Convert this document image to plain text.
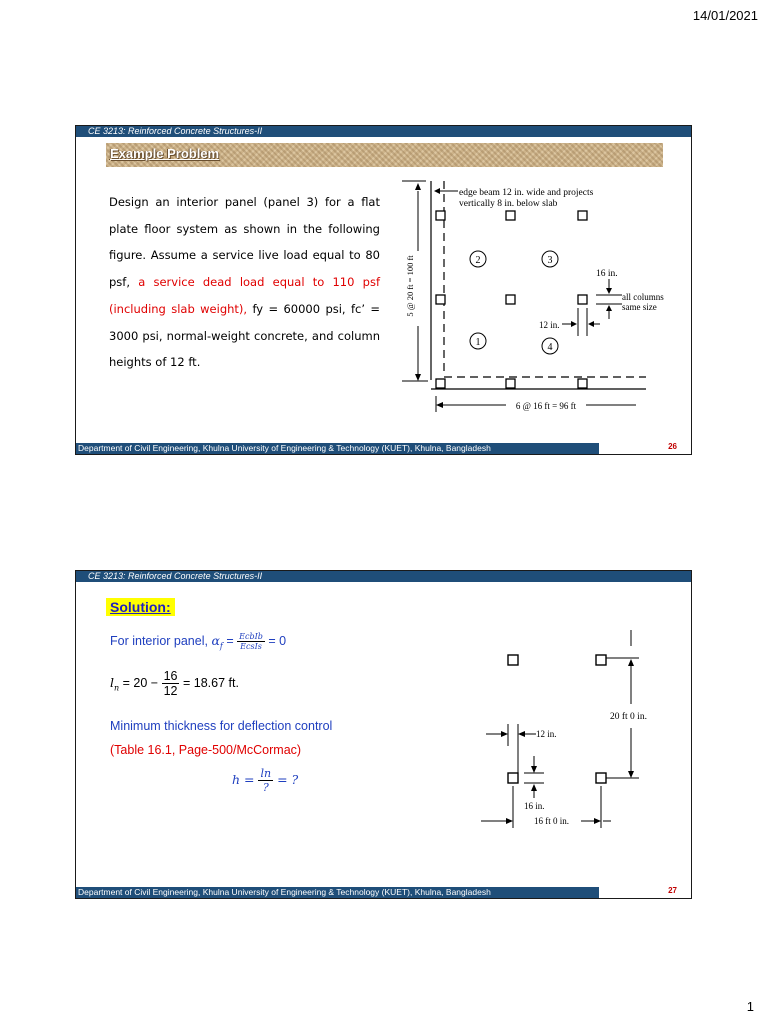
14/01/2021
CE 3213: Reinforced Concrete Structures-II
Example Problem
Design an interior panel (panel 3) for a flat plate floor system as shown in the following figure. Assume a service live load equal to 80 psf, a service dead load equal to 110 psf (including slab weight), fy = 60000 psi, fc’ = 3000 psi, normal-weight concrete, and column heights of 12 ft.
2	3
1	4
edge beam 12 in. wide and projects
vertically 8 in. below slab
16 in.
all columns
same size
12 in.
5 @ 20 ft = 100 ft
6 @ 16 ft = 96 ft
Department of Civil Engineering, Khulna University of Engineering & Technology (KUET), Khulna, Bangladesh	26
CE 3213: Reinforced Concrete Structures-II
Solution:
For interior panel, $\alpha_f = \frac{\text{EcbIb}}{\text{EcsIs}} = 0$
$l_n = 20 - \frac{16}{12} = 18.67$ ft.
Minimum thickness for deflection control
(Table 16.1, Page-500/McCormac)
$h = \frac{\ln}{?}$ = ?
20 ft 0 in.
12 in.
16 in.
16 ft 0 in.
Department of Civil Engineering, Khulna University of Engineering & Technology (KUET), Khulna, Bangladesh	27
1
